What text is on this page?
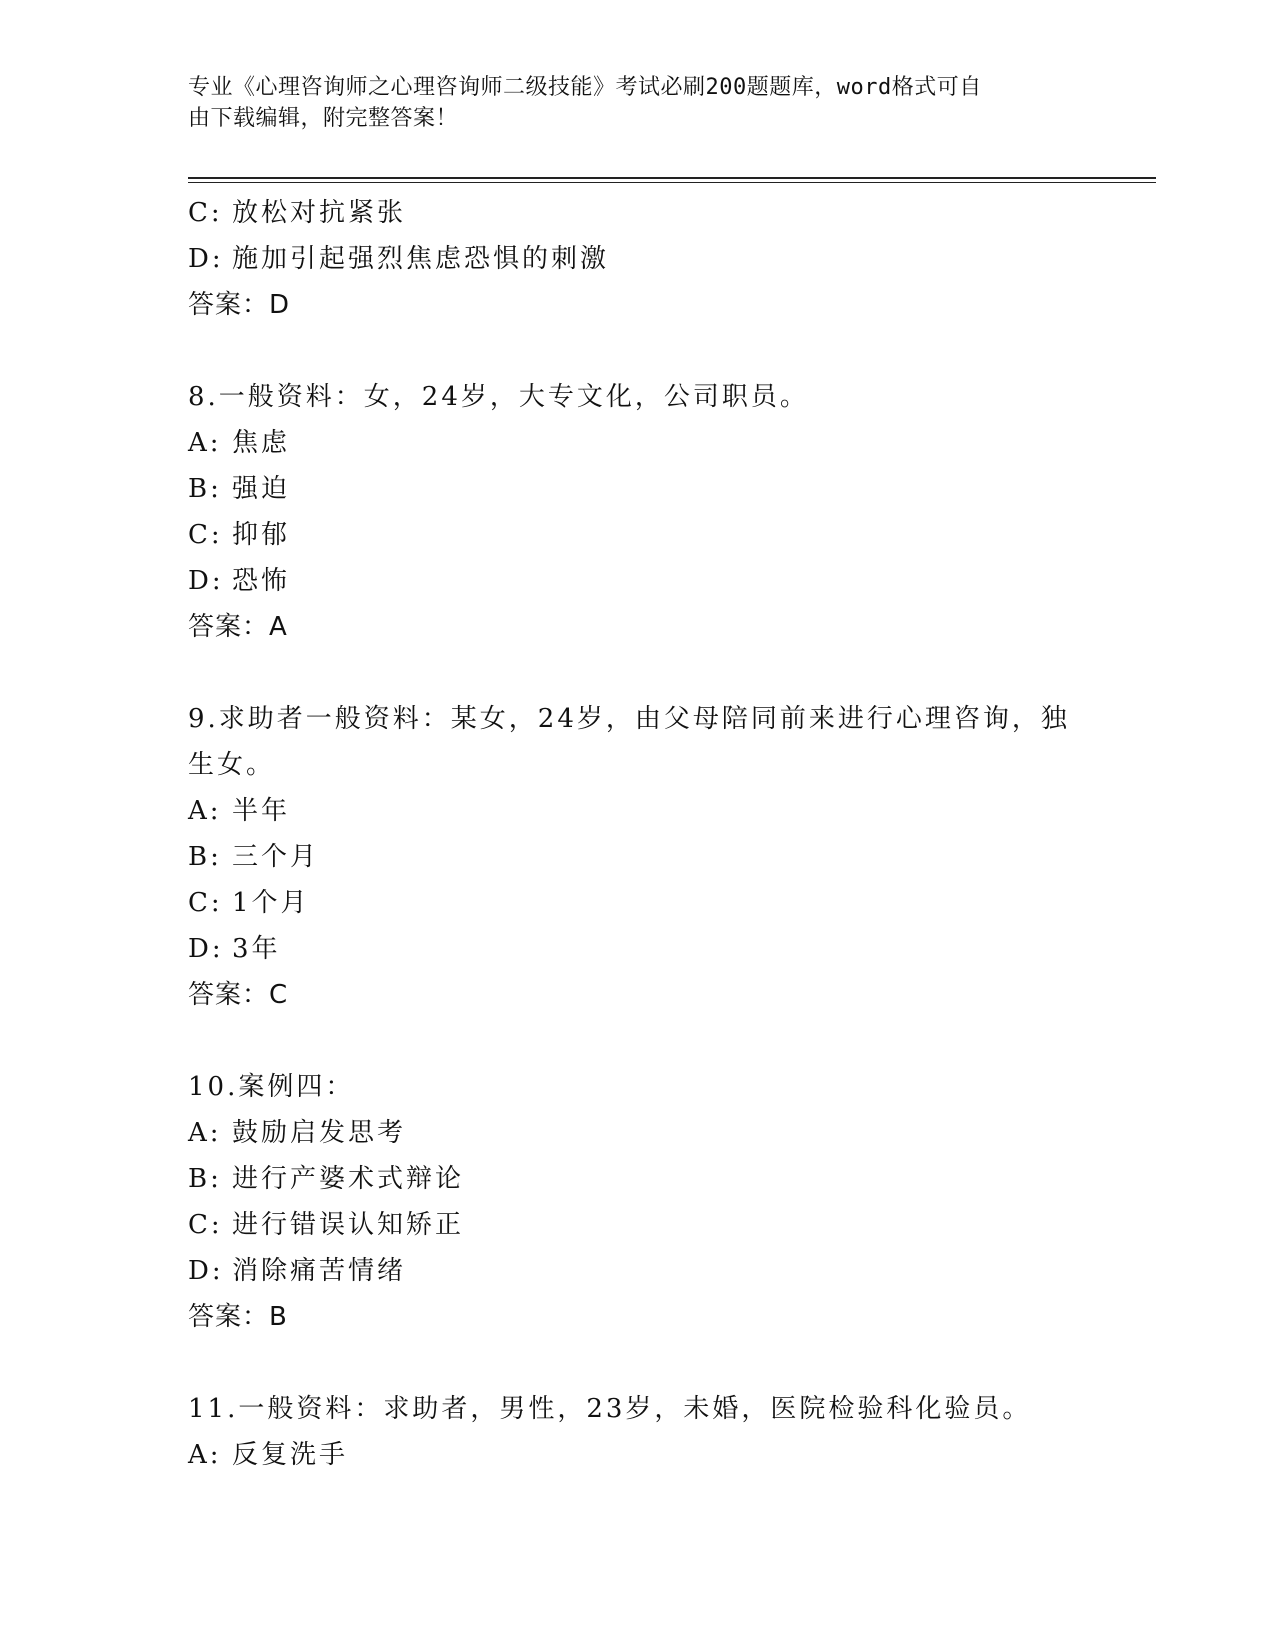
专业《心理咨询师之心理咨询师二级技能》考试必刷200题题库，word格式可自
由下载编辑，附完整答案！
C: 放松对抗紧张
D: 施加引起强烈焦虑恐惧的刺激
答案：D
8.一般资料：女，24岁，大专文化，公司职员。
A: 焦虑
B: 强迫
C: 抑郁
D: 恐怖
答案：A
9.求助者一般资料：某女，24岁，由父母陪同前来进行心理咨询，独
生女。
A: 半年
B: 三个月
C: 1个月
D: 3年
答案：C
10.案例四：
A: 鼓励启发思考
B: 进行产婆术式辩论
C: 进行错误认知矫正
D: 消除痛苦情绪
答案：B
11.一般资料：求助者，男性，23岁，未婚，医院检验科化验员。
A: 反复洗手
